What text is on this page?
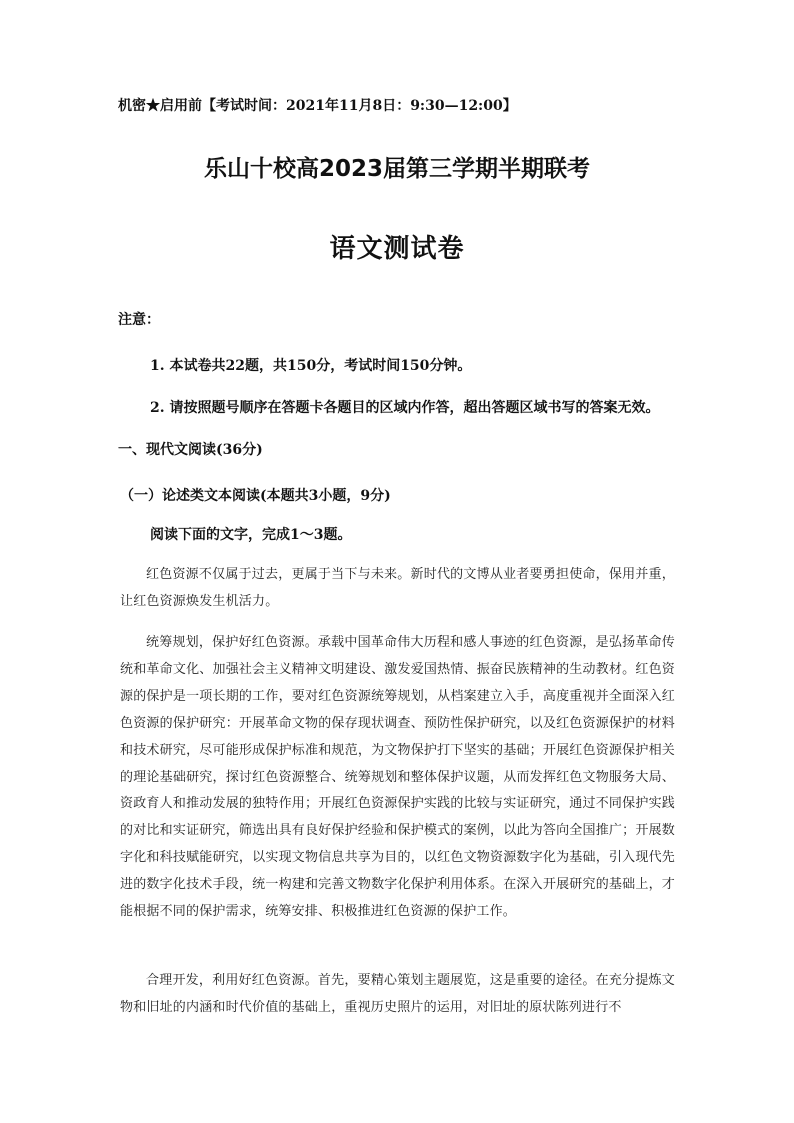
机密★启用前【考试时间：2021年11月8日：9:30—12:00】
乐山十校高2023届第三学期半期联考
语文测试卷
注意：
1. 本试卷共22题，共150分，考试时间150分钟。
2. 请按照题号顺序在答题卡各题目的区域内作答，超出答题区域书写的答案无效。
一、现代文阅读(36分)
（一）论述类文本阅读(本题共3小题，9分)
阅读下面的文字，完成1～3题。

红色资源不仅属于过去，更属于当下与未来。新时代的文博从业者要勇担使命，保用并重，让红色资源焕发生机活力。

统筹规划，保护好红色资源。承载中国革命伟大历程和感人事迹的红色资源，是弘扬革命传统和革命文化、加强社会主义精神文明建设、激发爱国热情、振奋民族精神的生动教材。红色资源的保护是一项长期的工作，要对红色资源统筹规划，从档案建立入手，高度重视并全面深入红色资源的保护研究：开展革命文物的保存现状调查、预防性保护研究，以及红色资源保护的材料和技术研究，尽可能形成保护标准和规范，为文物保护打下坚实的基础；开展红色资源保护相关的理论基础研究，探讨红色资源整合、统筹规划和整体保护议题，从而发挥红色文物服务大局、资政育人和推动发展的独特作用；开展红色资源保护实践的比较与实证研究，通过不同保护实践的对比和实证研究，筛选出具有良好保护经验和保护模式的案例，以此为答向全国推广；开展数字化和科技赋能研究，以实现文物信息共享为目的，以红色文物资源数字化为基础，引入现代先进的数字化技术手段，统一构建和完善文物数字化保护利用体系。在深入开展研究的基础上，才能根据不同的保护需求，统筹安排、积极推进红色资源的保护工作。

合理开发，利用好红色资源。首先，要精心策划主题展览，这是重要的途径。在充分提炼文物和旧址的内涵和时代价值的基础上，重视历史照片的运用，对旧址的原状陈列进行不
